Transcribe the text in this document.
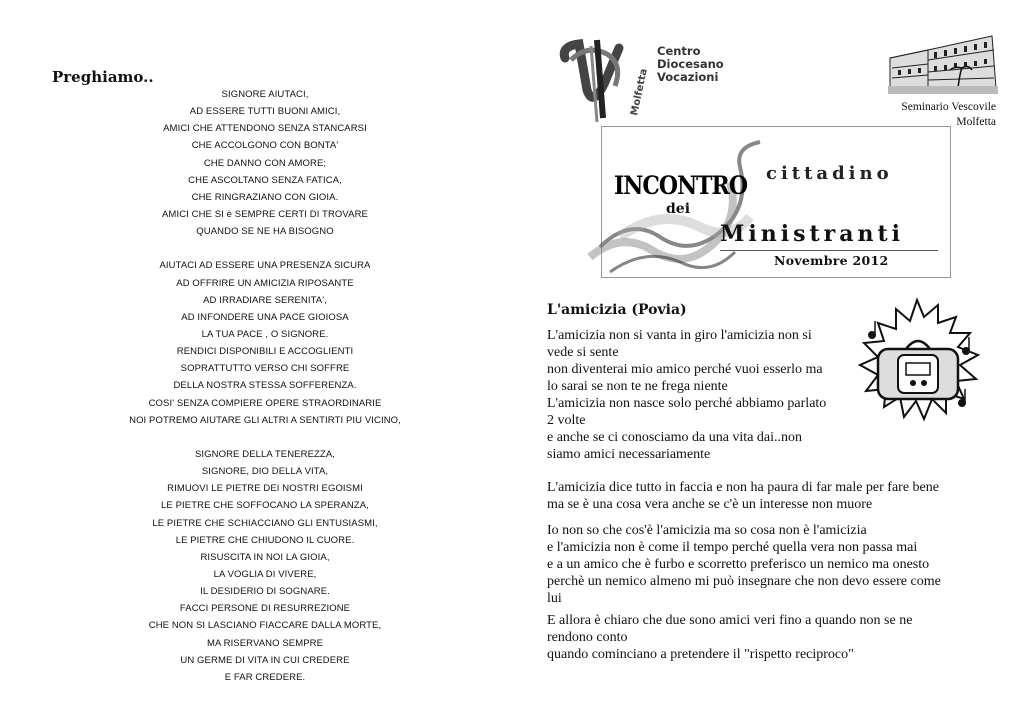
Preghiamo..
SIGNORE AIUTACI,
AD ESSERE TUTTI BUONI AMICI,
AMICI CHE ATTENDONO SENZA STANCARSI
CHE ACCOLGONO CON BONTA'
CHE DANNO CON AMORE;
CHE ASCOLTANO SENZA FATICA,
CHE RINGRAZIANO CON GIOIA.
AMICI CHE SI è SEMPRE CERTI DI TROVARE
QUANDO SE NE HA BISOGNO
AIUTACI AD ESSERE UNA PRESENZA SICURA
AD OFFRIRE UN AMICIZIA RIPOSANTE
AD IRRADIARE SERENITA',
AD INFONDERE UNA PACE GIOIOSA
LA TUA PACE , O SIGNORE.
RENDICI DISPONIBILI E ACCOGLIENTI
SOPRATTUTTO VERSO CHI SOFFRE
DELLA NOSTRA STESSA SOFFERENZA.
COSI' SENZA COMPIERE OPERE STRAORDINARIE
NOI POTREMO AIUTARE GLI ALTRI A SENTIRTI PIU VICINO,
SIGNORE DELLA TENEREZZA,
SIGNORE, DIO DELLA VITA,
RIMUOVI LE PIETRE DEI NOSTRI EGOISMI
LE PIETRE CHE SOFFOCANO LA SPERANZA,
LE PIETRE CHE SCHIACCIANO GLI ENTUSIASMI,
LE PIETRE CHE CHIUDONO IL CUORE.
RISUSCITA IN NOI LA GIOIA,
LA VOGLIA DI VIVERE,
IL DESIDERIO DI SOGNARE.
FACCI PERSONE DI RESURREZIONE
CHE NON SI LASCIANO FIACCARE DALLA MORTE,
MA RISERVANO SEMPRE
UN GERME DI VITA IN CUI CREDERE
E FAR CREDERE.
Molfetta
Centro
Diocesano
Vocazioni
Seminario Vescovile
Molfetta
INCONTRO cittadino
dei
Ministranti
Novembre 2012
L'amicizia (Povia)
L'amicizia non si vanta in giro l'amicizia non si
vede si sente
non diventerai mio amico perché vuoi esserlo ma
lo sarai se non te ne frega niente
L'amicizia non nasce solo perché abbiamo parlato
2 volte
e anche se ci conosciamo da una vita dai..non
siamo amici necessariamente
L'amicizia dice tutto in faccia e non ha paura di far male per fare bene
ma se è una cosa vera anche se c'è un interesse non muore
Io non so che cos'è l'amicizia ma so cosa non è l'amicizia
e l'amicizia non è come il tempo perché quella vera non passa mai
e a un amico che è furbo e scorretto preferisco un nemico ma onesto
perchè un nemico almeno mi può insegnare che non devo essere come
lui
E allora è chiaro che due sono amici veri fino a quando non se ne
rendono conto
quando cominciano a pretendere il "rispetto reciproco"
